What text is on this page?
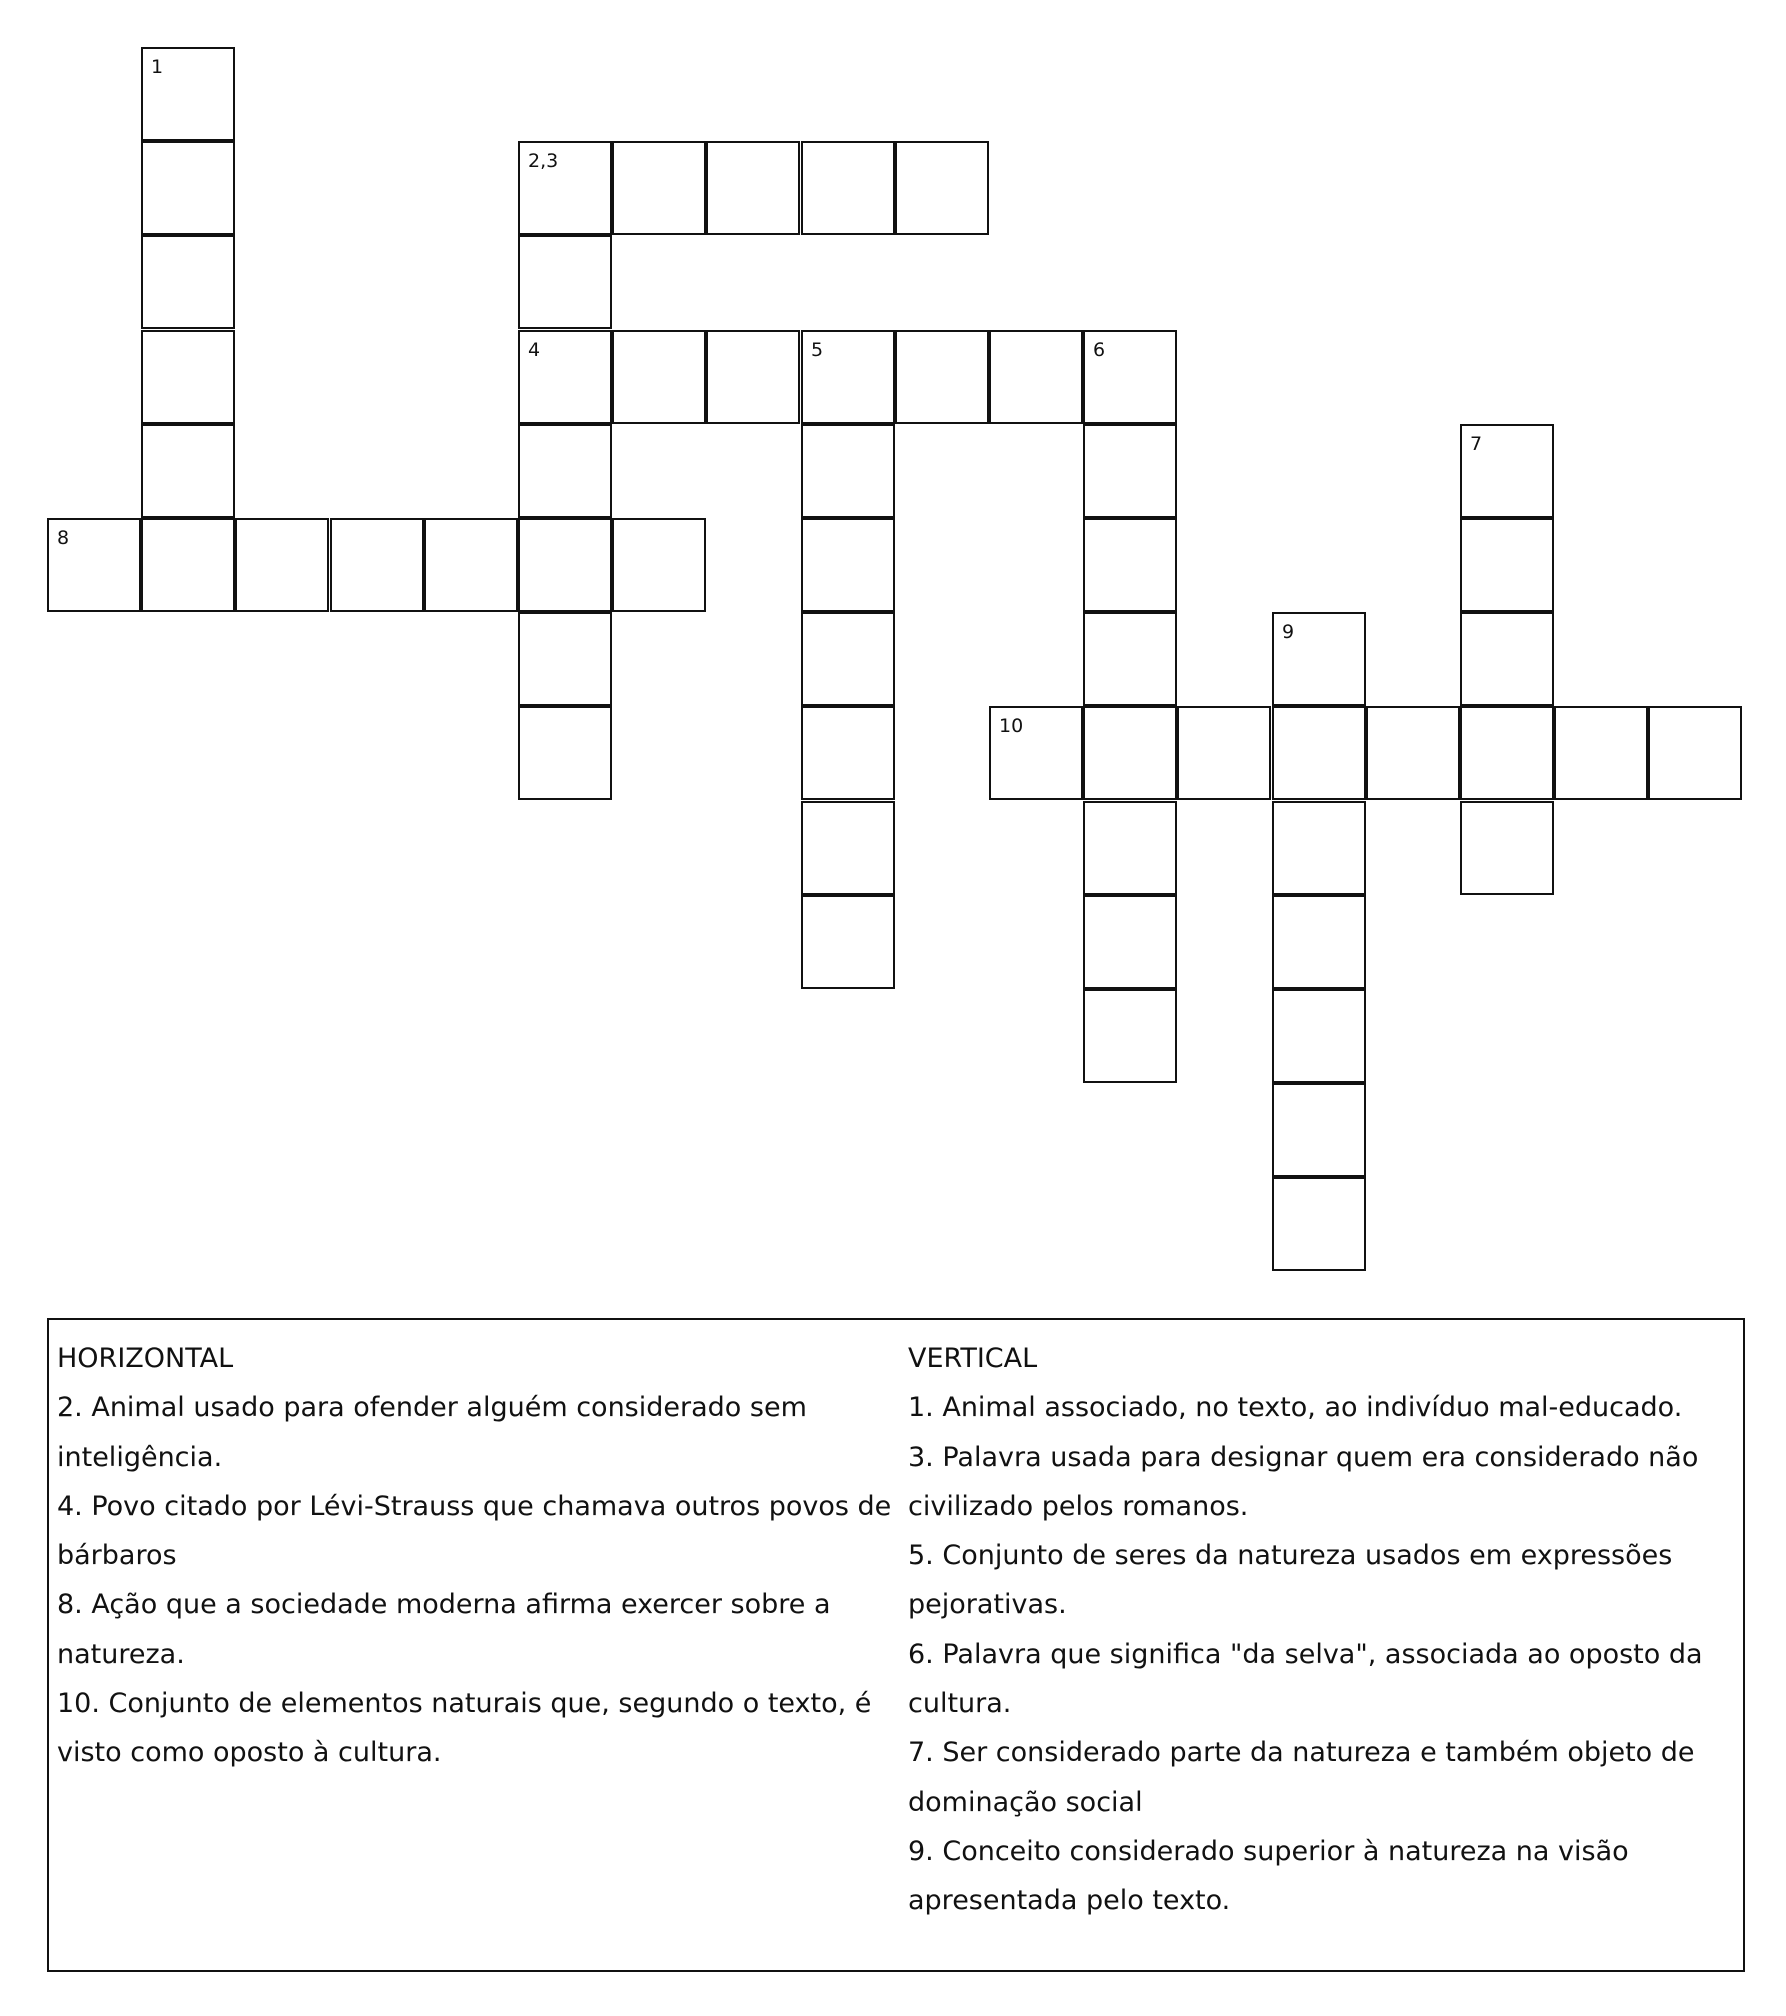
1
2,3
4	5	6
7
8
9
10
HORIZONTAL
2. Animal usado para ofender alguém considerado sem
inteligência.
4. Povo citado por Lévi-Strauss que chamava outros povos de
bárbaros
8. Ação que a sociedade moderna afirma exercer sobre a
natureza.
10. Conjunto de elementos naturais que, segundo o texto, é
visto como oposto à cultura.
VERTICAL
1. Animal associado, no texto, ao indivíduo mal-educado.
3. Palavra usada para designar quem era considerado não
civilizado pelos romanos.
5. Conjunto de seres da natureza usados em expressões
pejorativas.
6. Palavra que significa "da selva", associada ao oposto da
cultura.
7. Ser considerado parte da natureza e também objeto de
dominação social
9. Conceito considerado superior à natureza na visão
apresentada pelo texto.
